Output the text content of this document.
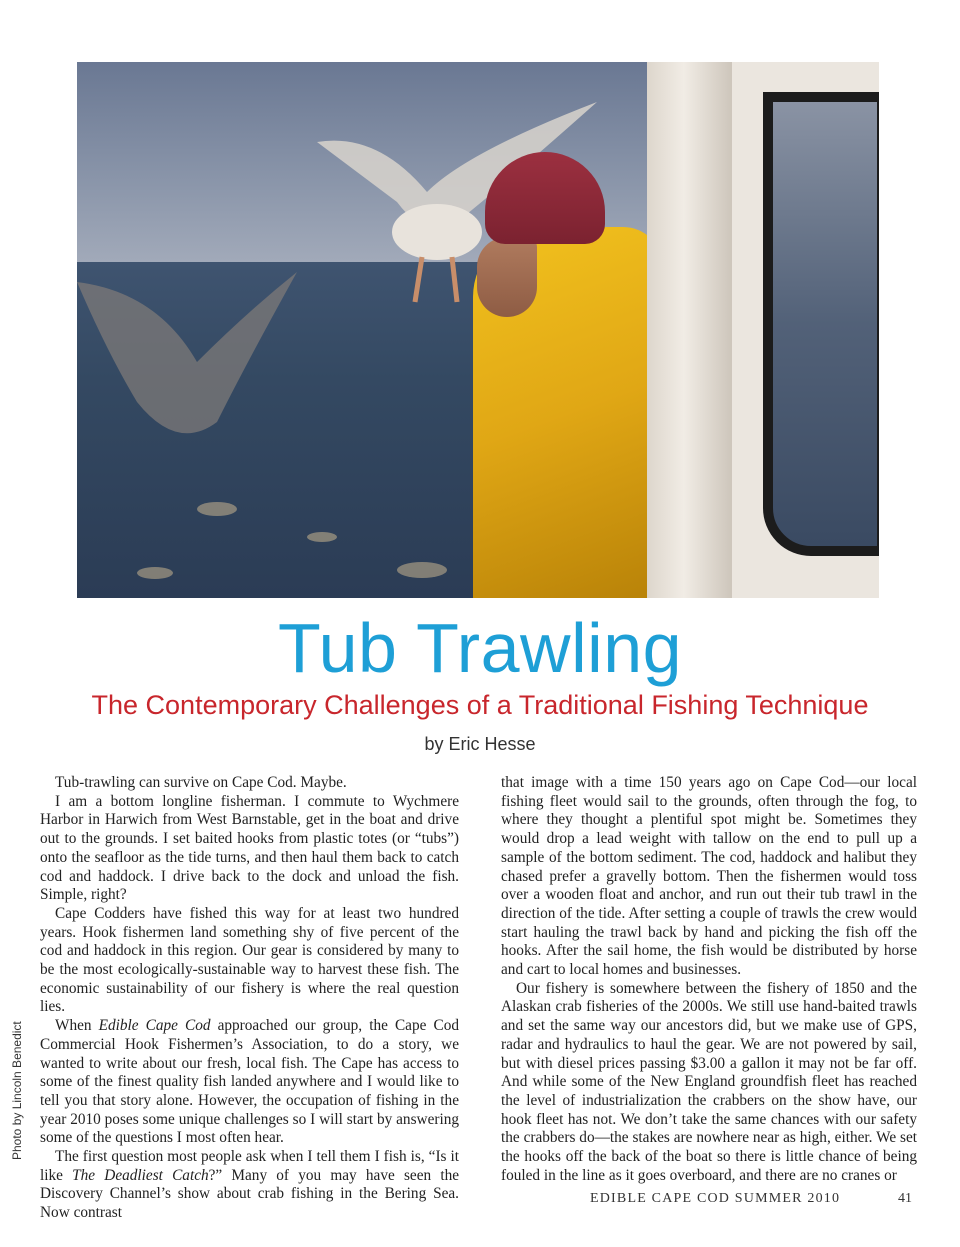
Photo by Lincoln Benedict
Tub Trawling
The Contemporary Challenges of a Traditional Fishing Technique
by Eric Hesse

Tub-trawling can survive on Cape Cod. Maybe.

I am a bottom longline fisherman. I commute to Wychmere Harbor in Harwich from West Barnstable, get in the boat and drive out to the grounds. I set baited hooks from plastic totes (or “tubs”) onto the seafloor as the tide turns, and then haul them back to catch cod and haddock. I drive back to the dock and unload the fish. Simple, right?

Cape Codders have fished this way for at least two hundred years. Hook fishermen land something shy of five percent of the cod and haddock in this region. Our gear is considered by many to be the most ecologically-sustainable way to harvest these fish. The economic sustainability of our fishery is where the real question lies.

When Edible Cape Cod approached our group, the Cape Cod Commercial Hook Fishermen’s Association, to do a story, we wanted to write about our fresh, local fish. The Cape has access to some of the finest quality fish landed anywhere and I would like to tell you that story alone. However, the occupation of fishing in the year 2010 poses some unique challenges so I will start by answering some of the questions I most often hear.

The first question most people ask when I tell them I fish is, “Is it like The Deadliest Catch?” Many of you may have seen the Discovery Channel’s show about crab fishing in the Bering Sea. Now contrast

that image with a time 150 years ago on Cape Cod—our local fishing fleet would sail to the grounds, often through the fog, to where they thought a plentiful spot might be. Sometimes they would drop a lead weight with tallow on the end to pull up a sample of the bottom sediment. The cod, haddock and halibut they chased prefer a gravelly bottom. Then the fishermen would toss over a wooden float and anchor, and run out their tub trawl in the direction of the tide. After setting a couple of trawls the crew would start hauling the trawl back by hand and picking the fish off the hooks. After the sail home, the fish would be distributed by horse and cart to local homes and businesses.

Our fishery is somewhere between the fishery of 1850 and the Alaskan crab fisheries of the 2000s. We still use hand-baited trawls and set the same way our ancestors did, but we make use of GPS, radar and hydraulics to haul the gear. We are not powered by sail, but with diesel prices passing $3.00 a gallon it may not be far off. And while some of the New England groundfish fleet has reached the level of industrialization the crabbers on the show have, our hook fleet has not. We don’t take the same chances with our safety the crabbers do—the stakes are nowhere near as high, either. We set the hooks off the back of the boat so there is little chance of being fouled in the line as it goes overboard, and there are no cranes or

EDIBLE CAPE COD SUMMER 2010	41
